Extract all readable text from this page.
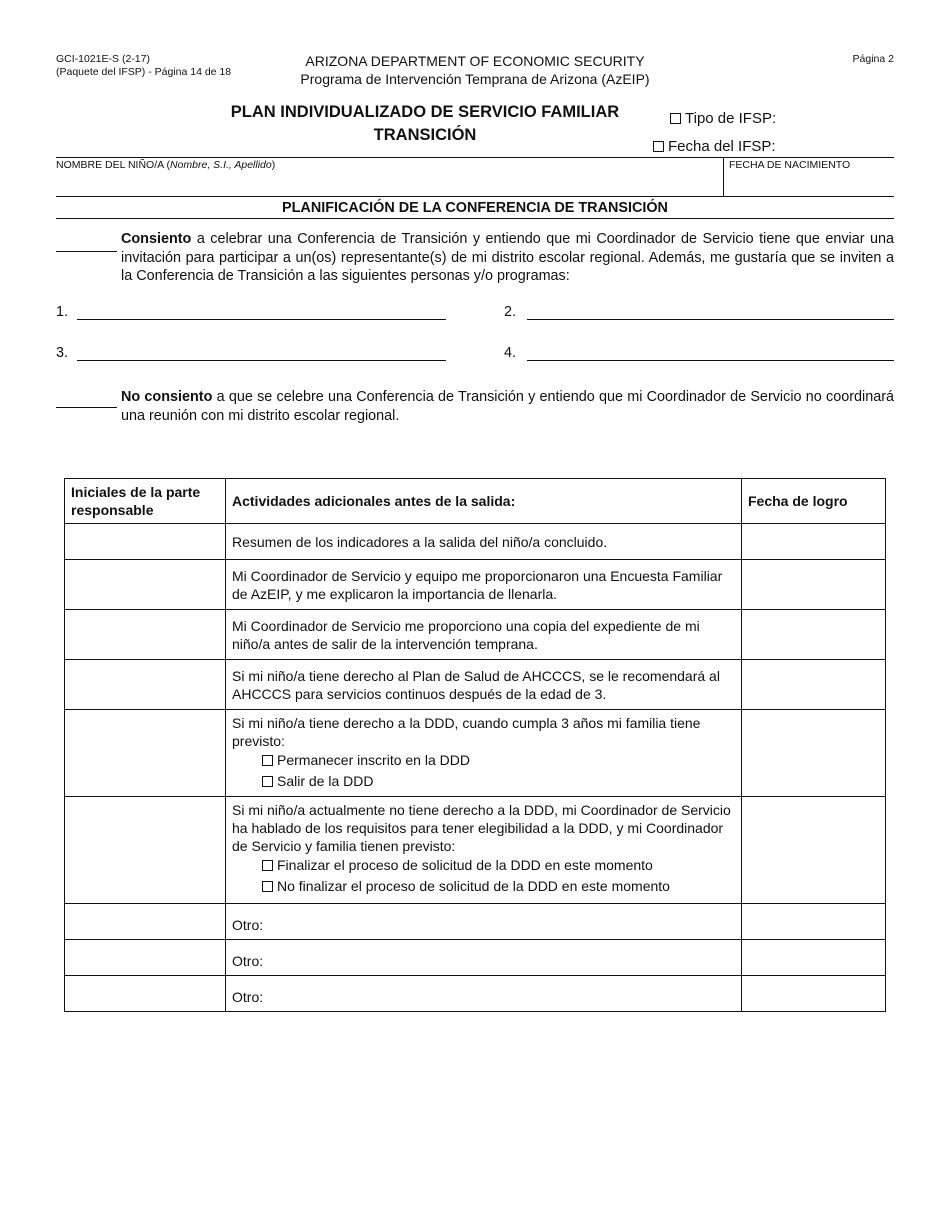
GCI-1021E-S (2-17)
(Paquete del IFSP) - Página 14 de 18
ARIZONA DEPARTMENT OF ECONOMIC SECURITY
Programa de Intervención Temprana de Arizona (AzEIP)
Página 2
PLAN INDIVIDUALIZADO DE SERVICIO FAMILIAR
TRANSICIÓN
Tipo de IFSP:
Fecha del IFSP:
NOMBRE DEL NIÑO/A (Nombre, S.I., Apellido)	FECHA DE NACIMIENTO
PLANIFICACIÓN DE LA CONFERENCIA DE TRANSICIÓN
Consiento a celebrar una Conferencia de Transición y entiendo que mi Coordinador de Servicio tiene que enviar una invitación para participar a un(os) representante(s) de mi distrito escolar regional. Además, me gustaría que se inviten a la Conferencia de Transición a las siguientes personas y/o programas:
1.	2.
3.	4.
No consiento a que se celebre una Conferencia de Transición y entiendo que mi Coordinador de Servicio no coordinará una reunión con mi distrito escolar regional.
Iniciales de la parte responsable	Actividades adicionales antes de la salida:	Fecha de logro
	Resumen de los indicadores a la salida del niño/a concluido.	
	Mi Coordinador de Servicio y equipo me proporcionaron una Encuesta Familiar de AzEIP, y me explicaron la importancia de llenarla.	
	Mi Coordinador de Servicio me proporciono una copia del expediente de mi niño/a antes de salir de la intervención temprana.	
	Si mi niño/a tiene derecho al Plan de Salud de AHCCCS, se le recomendará al AHCCCS para servicios continuos después de la edad de 3.	

	Si mi niño/a tiene derecho a la DDD, cuando cumpla 3 años mi familia tiene previsto:
Permanecer inscrito en la DDD
Salir de la DDD	

	Si mi niño/a actualmente no tiene derecho a la DDD, mi Coordinador de Servicio ha hablado de los requisitos para tener elegibilidad a la DDD, y mi Coordinador de Servicio y familia tienen previsto:
Finalizar el proceso de solicitud de la DDD en este momento
No finalizar el proceso de solicitud de la DDD en este momento	

	Otro:	
	Otro:	
	Otro:	
